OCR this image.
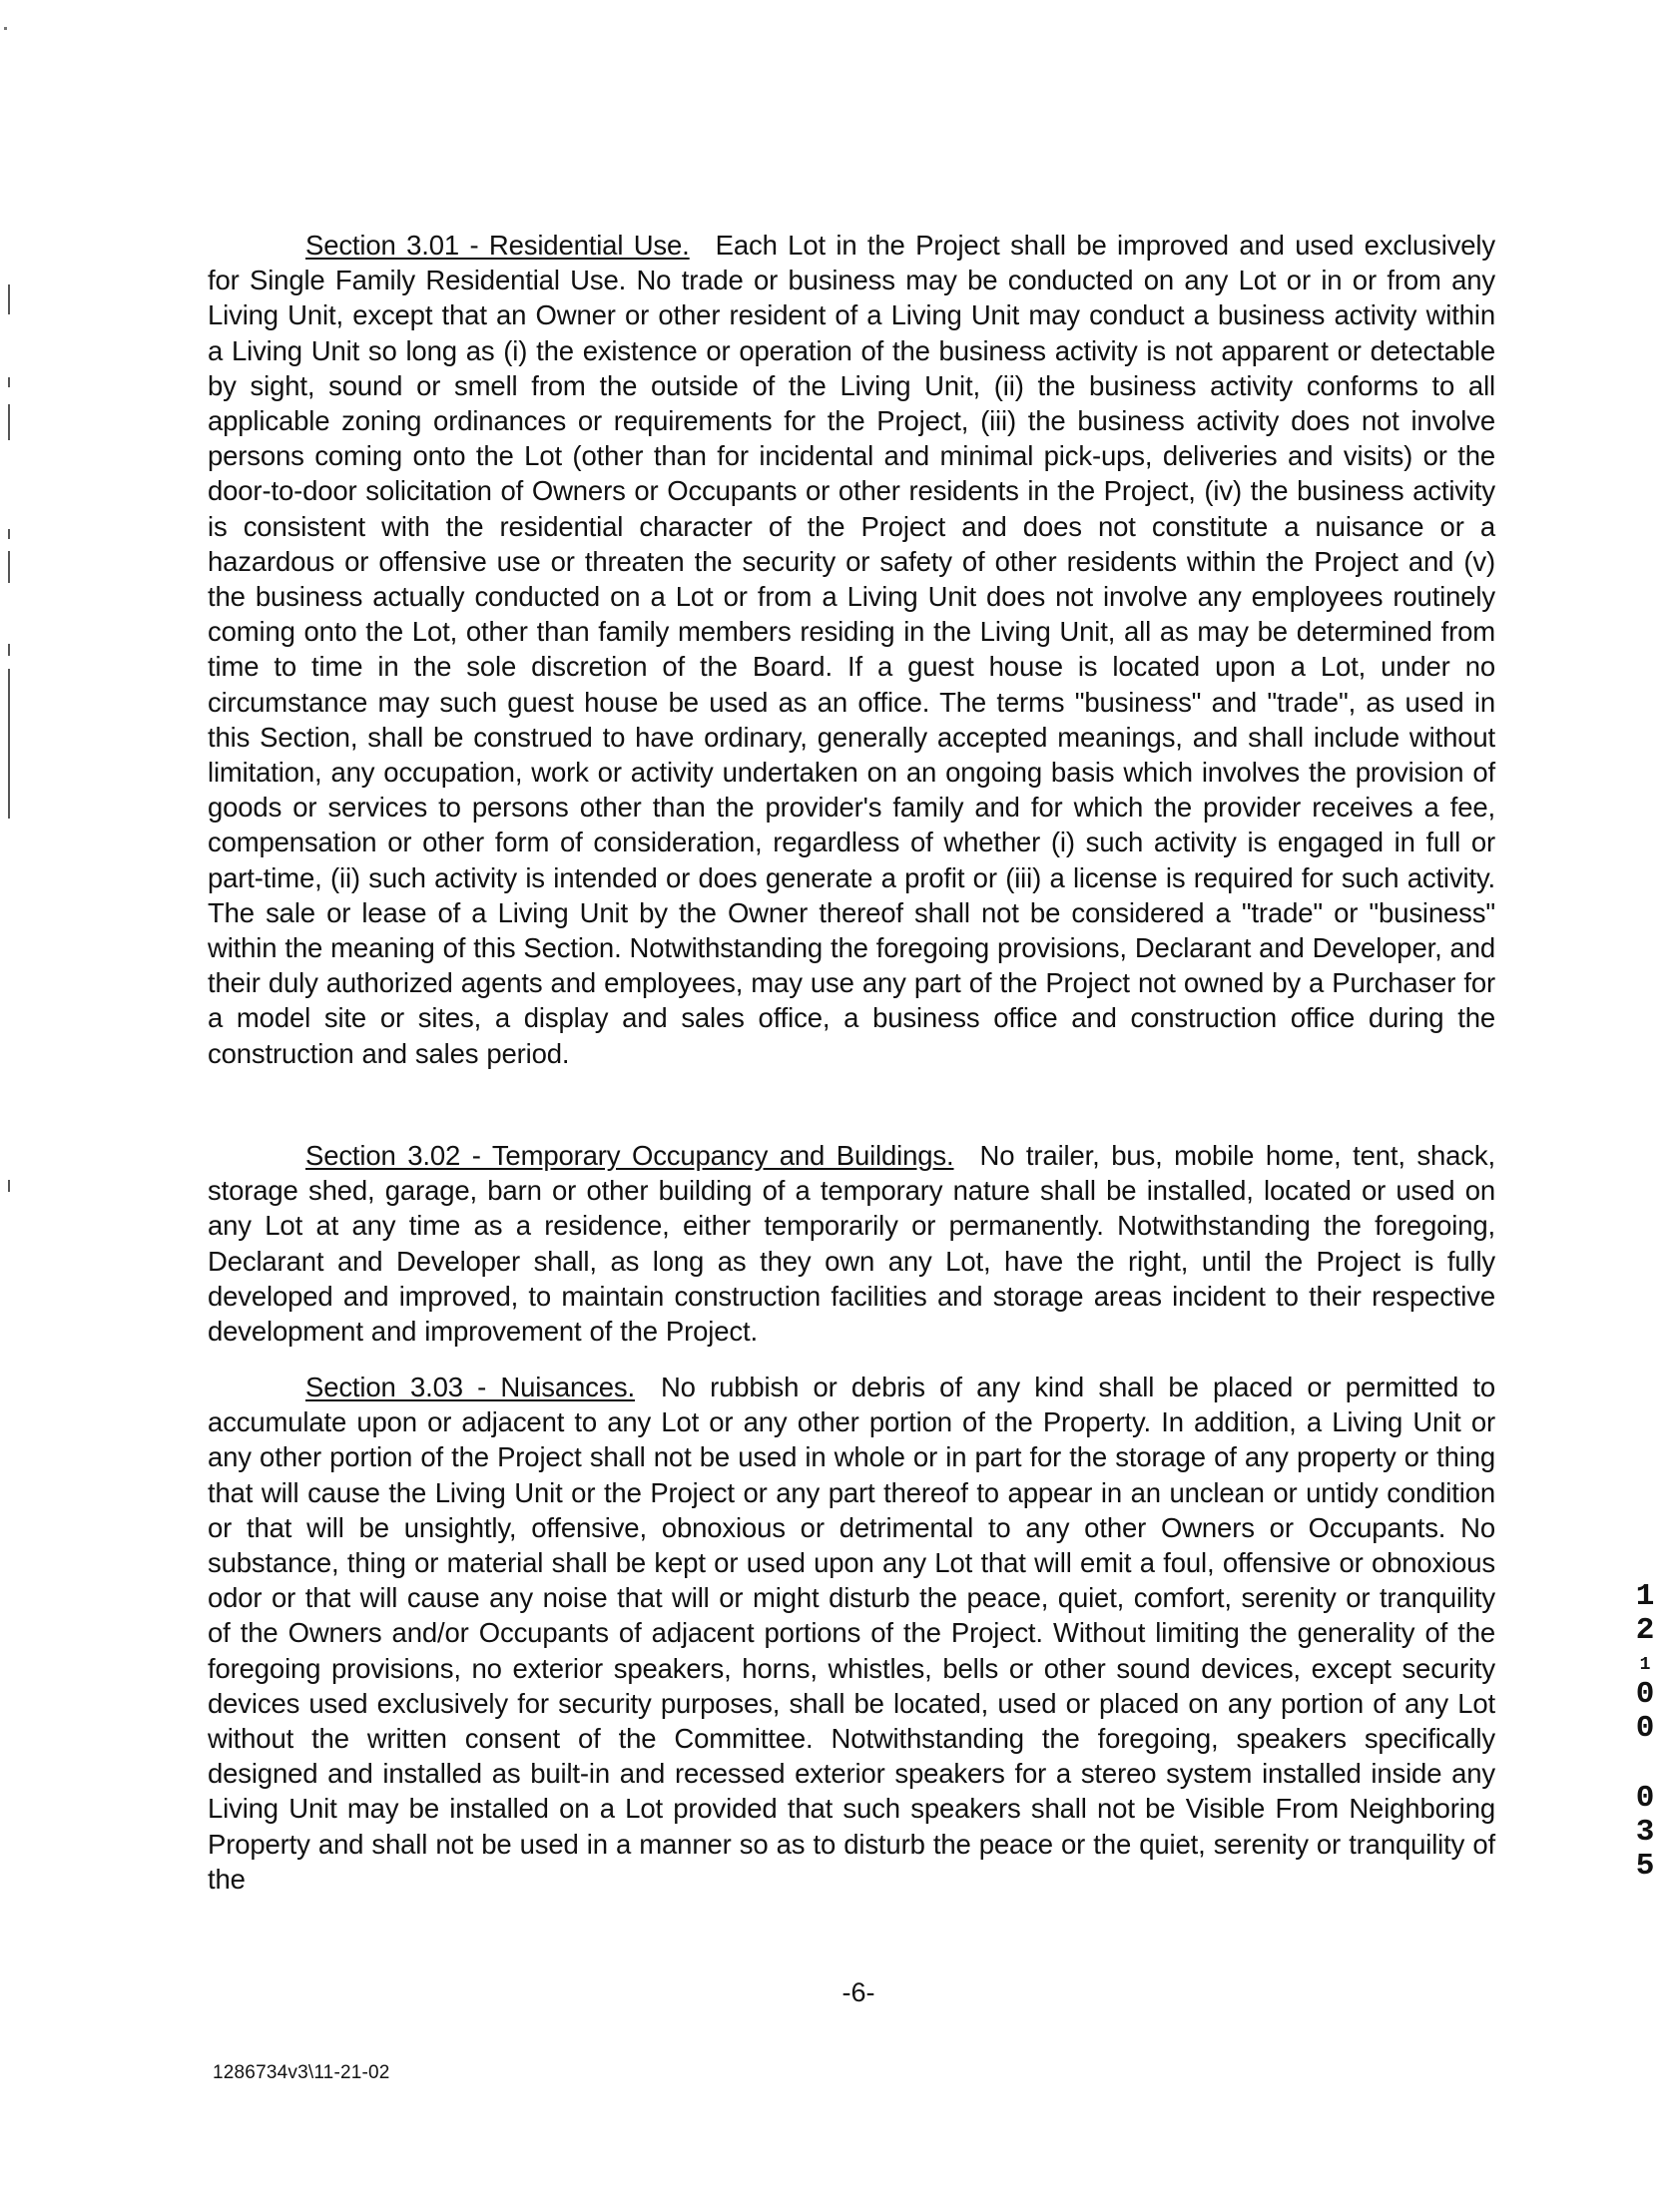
Section 3.01 - Residential Use. Each Lot in the Project shall be improved and used exclusively for Single Family Residential Use. No trade or business may be conducted on any Lot or in or from any Living Unit, except that an Owner or other resident of a Living Unit may conduct a business activity within a Living Unit so long as (i) the existence or operation of the business activity is not apparent or detectable by sight, sound or smell from the outside of the Living Unit, (ii) the business activity conforms to all applicable zoning ordinances or requirements for the Project, (iii) the business activity does not involve persons coming onto the Lot (other than for incidental and minimal pick-ups, deliveries and visits) or the door-to-door solicitation of Owners or Occupants or other residents in the Project, (iv) the business activity is consistent with the residential character of the Project and does not constitute a nuisance or a hazardous or offensive use or threaten the security or safety of other residents within the Project and (v) the business actually conducted on a Lot or from a Living Unit does not involve any employees routinely coming onto the Lot, other than family members residing in the Living Unit, all as may be determined from time to time in the sole discretion of the Board. If a guest house is located upon a Lot, under no circumstance may such guest house be used as an office. The terms "business" and "trade", as used in this Section, shall be construed to have ordinary, generally accepted meanings, and shall include without limitation, any occupation, work or activity undertaken on an ongoing basis which involves the provision of goods or services to persons other than the provider's family and for which the provider receives a fee, compensation or other form of consideration, regardless of whether (i) such activity is engaged in full or part-time, (ii) such activity is intended or does generate a profit or (iii) a license is required for such activity. The sale or lease of a Living Unit by the Owner thereof shall not be considered a "trade" or "business" within the meaning of this Section. Notwithstanding the foregoing provisions, Declarant and Developer, and their duly authorized agents and employees, may use any part of the Project not owned by a Purchaser for a model site or sites, a display and sales office, a business office and construction office during the construction and sales period.
Section 3.02 - Temporary Occupancy and Buildings. No trailer, bus, mobile home, tent, shack, storage shed, garage, barn or other building of a temporary nature shall be installed, located or used on any Lot at any time as a residence, either temporarily or permanently. Notwithstanding the foregoing, Declarant and Developer shall, as long as they own any Lot, have the right, until the Project is fully developed and improved, to maintain construction facilities and storage areas incident to their respective development and improvement of the Project.
Section 3.03 - Nuisances. No rubbish or debris of any kind shall be placed or permitted to accumulate upon or adjacent to any Lot or any other portion of the Property. In addition, a Living Unit or any other portion of the Project shall not be used in whole or in part for the storage of any property or thing that will cause the Living Unit or the Project or any part thereof to appear in an unclean or untidy condition or that will be unsightly, offensive, obnoxious or detrimental to any other Owners or Occupants. No substance, thing or material shall be kept or used upon any Lot that will emit a foul, offensive or obnoxious odor or that will cause any noise that will or might disturb the peace, quiet, comfort, serenity or tranquility of the Owners and/or Occupants of adjacent portions of the Project. Without limiting the generality of the foregoing provisions, no exterior speakers, horns, whistles, bells or other sound devices, except security devices used exclusively for security purposes, shall be located, used or placed on any portion of any Lot without the written consent of the Committee. Notwithstanding the foregoing, speakers specifically designed and installed as built-in and recessed exterior speakers for a stereo system installed inside any Living Unit may be installed on a Lot provided that such speakers shall not be Visible From Neighboring Property and shall not be used in a manner so as to disturb the peace or the quiet, serenity or tranquility of the
-6-
1286734v3\11-21-02
1
2
1
0
0
0
3
5
